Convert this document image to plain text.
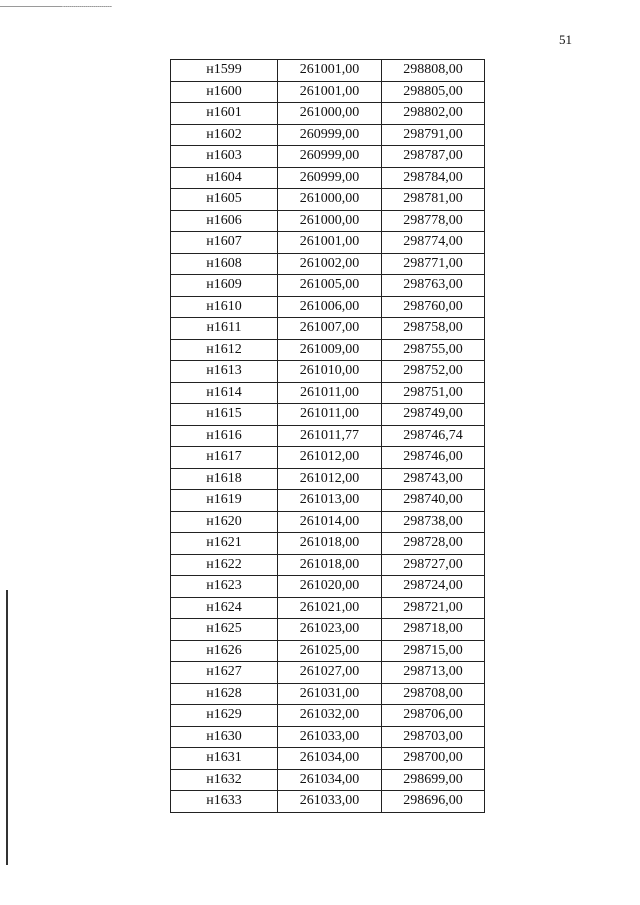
51
н1599	261001,00	298808,00
н1600	261001,00	298805,00
н1601	261000,00	298802,00
н1602	260999,00	298791,00
н1603	260999,00	298787,00
н1604	260999,00	298784,00
н1605	261000,00	298781,00
н1606	261000,00	298778,00
н1607	261001,00	298774,00
н1608	261002,00	298771,00
н1609	261005,00	298763,00
н1610	261006,00	298760,00
н1611	261007,00	298758,00
н1612	261009,00	298755,00
н1613	261010,00	298752,00
н1614	261011,00	298751,00
н1615	261011,00	298749,00
н1616	261011,77	298746,74
н1617	261012,00	298746,00
н1618	261012,00	298743,00
н1619	261013,00	298740,00
н1620	261014,00	298738,00
н1621	261018,00	298728,00
н1622	261018,00	298727,00
н1623	261020,00	298724,00
н1624	261021,00	298721,00
н1625	261023,00	298718,00
н1626	261025,00	298715,00
н1627	261027,00	298713,00
н1628	261031,00	298708,00
н1629	261032,00	298706,00
н1630	261033,00	298703,00
н1631	261034,00	298700,00
н1632	261034,00	298699,00
н1633	261033,00	298696,00
